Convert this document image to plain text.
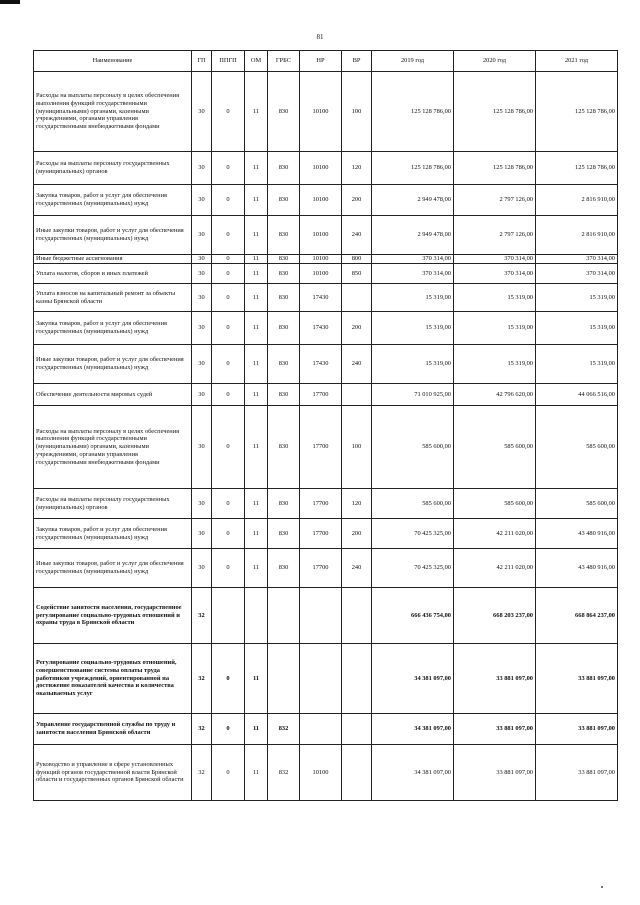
81
Наименование	ГП	ППГП	ОМ	ГРБС	НР	ВР	2019 год	2020 год	2021 год
Расходы на выплаты персоналу в целях обеспечения выполнения функций государственными (муниципальными) органами, казенными учреждениями, органами управления государственными внебюджетными фондами	30	0	11	830	10100	100	125 128 786,00	125 128 786,00	125 128 786,00
Расходы на выплаты персоналу государственных (муниципальных) органов	30	0	11	830	10100	120	125 128 786,00	125 128 786,00	125 128 786,00
Закупка товаров, работ и услуг для обеспечения государственных (муниципальных) нужд	30	0	11	830	10100	200	2 949 478,00	2 797 126,00	2 816 910,00
Иные закупки товаров, работ и услуг для обеспечения государственных (муниципальных) нужд	30	0	11	830	10100	240	2 949 478,00	2 797 126,00	2 816 910,00
Иные бюджетные ассигнования	30	0	11	830	10100	800	370 314,00	370 314,00	370 314,00
Уплата налогов, сборов и иных платежей	30	0	11	830	10100	850	370 314,00	370 314,00	370 314,00
Уплата взносов на капитальный ремонт за объекты казны Брянской области	30	0	11	830	17430		15 319,00	15 319,00	15 319,00
Закупка товаров, работ и услуг для обеспечения государственных (муниципальных) нужд	30	0	11	830	17430	200	15 319,00	15 319,00	15 319,00
Иные закупки товаров, работ и услуг для обеспечения государственных (муниципальных) нужд	30	0	11	830	17430	240	15 319,00	15 319,00	15 319,00
Обеспечение деятельности мировых судей	30	0	11	830	17700		71 010 925,00	42 796 620,00	44 066 516,00
Расходы на выплаты персоналу в целях обеспечения выполнения функций государственными (муниципальными) органами, казенными учреждениями, органами управления государственными внебюджетными фондами	30	0	11	830	17700	100	585 600,00	585 600,00	585 600,00
Расходы на выплаты персоналу государственных (муниципальных) органов	30	0	11	830	17700	120	585 600,00	585 600,00	585 600,00
Закупка товаров, работ и услуг для обеспечения государственных (муниципальных) нужд	30	0	11	830	17700	200	70 425 325,00	42 211 020,00	43 480 916,00
Иные закупки товаров, работ и услуг для обеспечения государственных (муниципальных) нужд	30	0	11	830	17700	240	70 425 325,00	42 211 020,00	43 480 916,00
Содействие занятости населения, государственное регулирование социально-трудовых отношений и охраны труда в Брянской области	32						666 436 754,00	668 203 237,00	668 864 237,00
Регулирование социально-трудовых отношений, совершенствование системы оплаты труда работников учреждений, ориентированной на достижение показателей качества и количества оказываемых услуг	32	0	11				34 381 097,00	33 881 097,00	33 881 097,00
Управление государственной службы по труду и занятости населения Брянской области	32	0	11	832			34 381 097,00	33 881 097,00	33 881 097,00
Руководство и управление в сфере установленных функций органов государственной власти Брянской области и государственных органов Брянской области	32	0	11	832	10100		34 381 097,00	33 881 097,00	33 881 097,00
